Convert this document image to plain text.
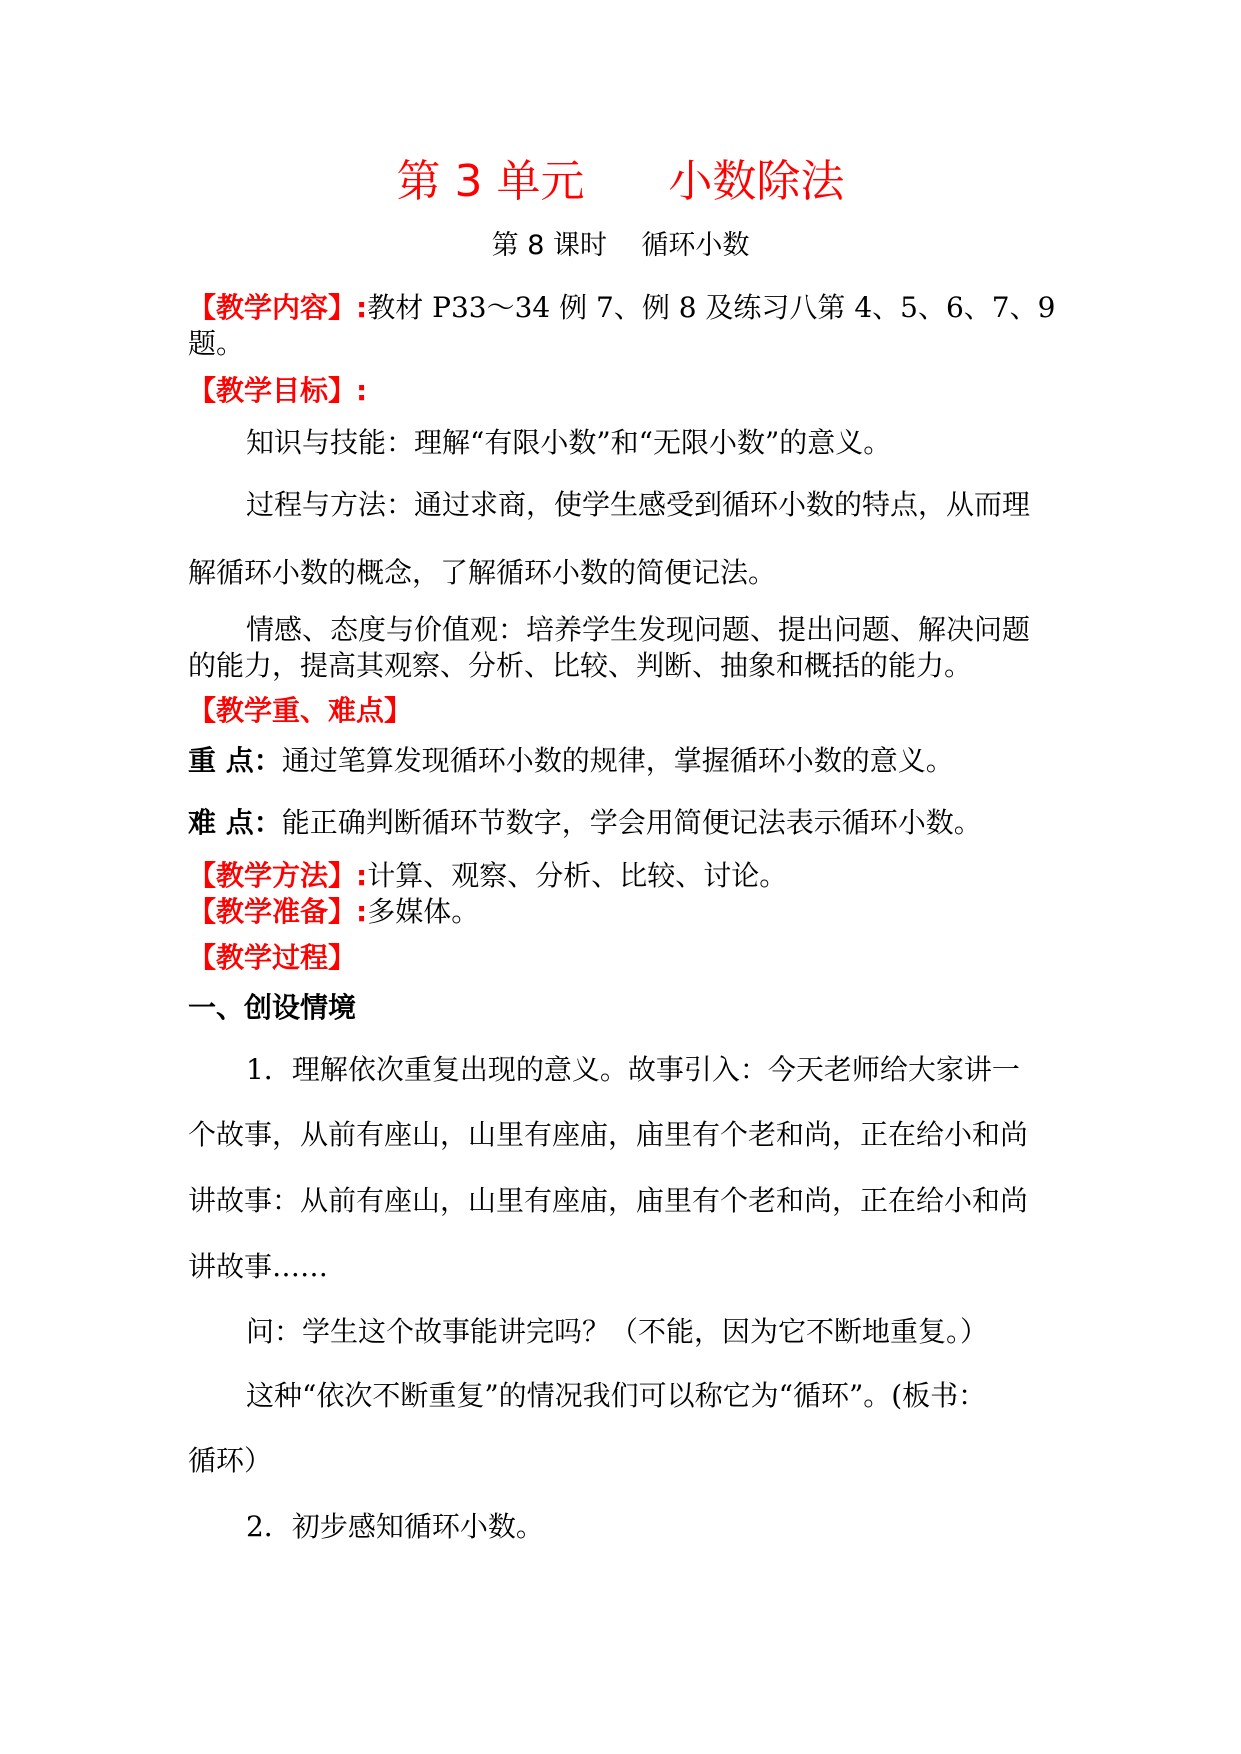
第 3 单元      小数除法
第 8 课时    循环小数
【教学内容】:教材 P33～34 例 7、例 8 及练习八第 4、5、6、7、9
题。
【教学目标】:
知识与技能：理解“有限小数”和“无限小数”的意义。
过程与方法：通过求商，使学生感受到循环小数的特点，从而理
解循环小数的概念，了解循环小数的简便记法。
情感、态度与价值观：培养学生发现问题、提出问题、解决问题
的能力，提高其观察、分析、比较、判断、抽象和概括的能力。
【教学重、难点】
重 点：通过笔算发现循环小数的规律，掌握循环小数的意义。
难 点：能正确判断循环节数字，学会用简便记法表示循环小数。
【教学方法】:计算、观察、分析、比较、讨论。
【教学准备】:多媒体。
【教学过程】
一、创设情境
1．理解依次重复出现的意义。故事引入：今天老师给大家讲一
个故事，从前有座山，山里有座庙，庙里有个老和尚，正在给小和尚
讲故事：从前有座山，山里有座庙，庙里有个老和尚，正在给小和尚
讲故事……
问：学生这个故事能讲完吗？（不能，因为它不断地重复。）
这种“依次不断重复”的情况我们可以称它为“循环”。(板书：
循环）
2．初步感知循环小数。
